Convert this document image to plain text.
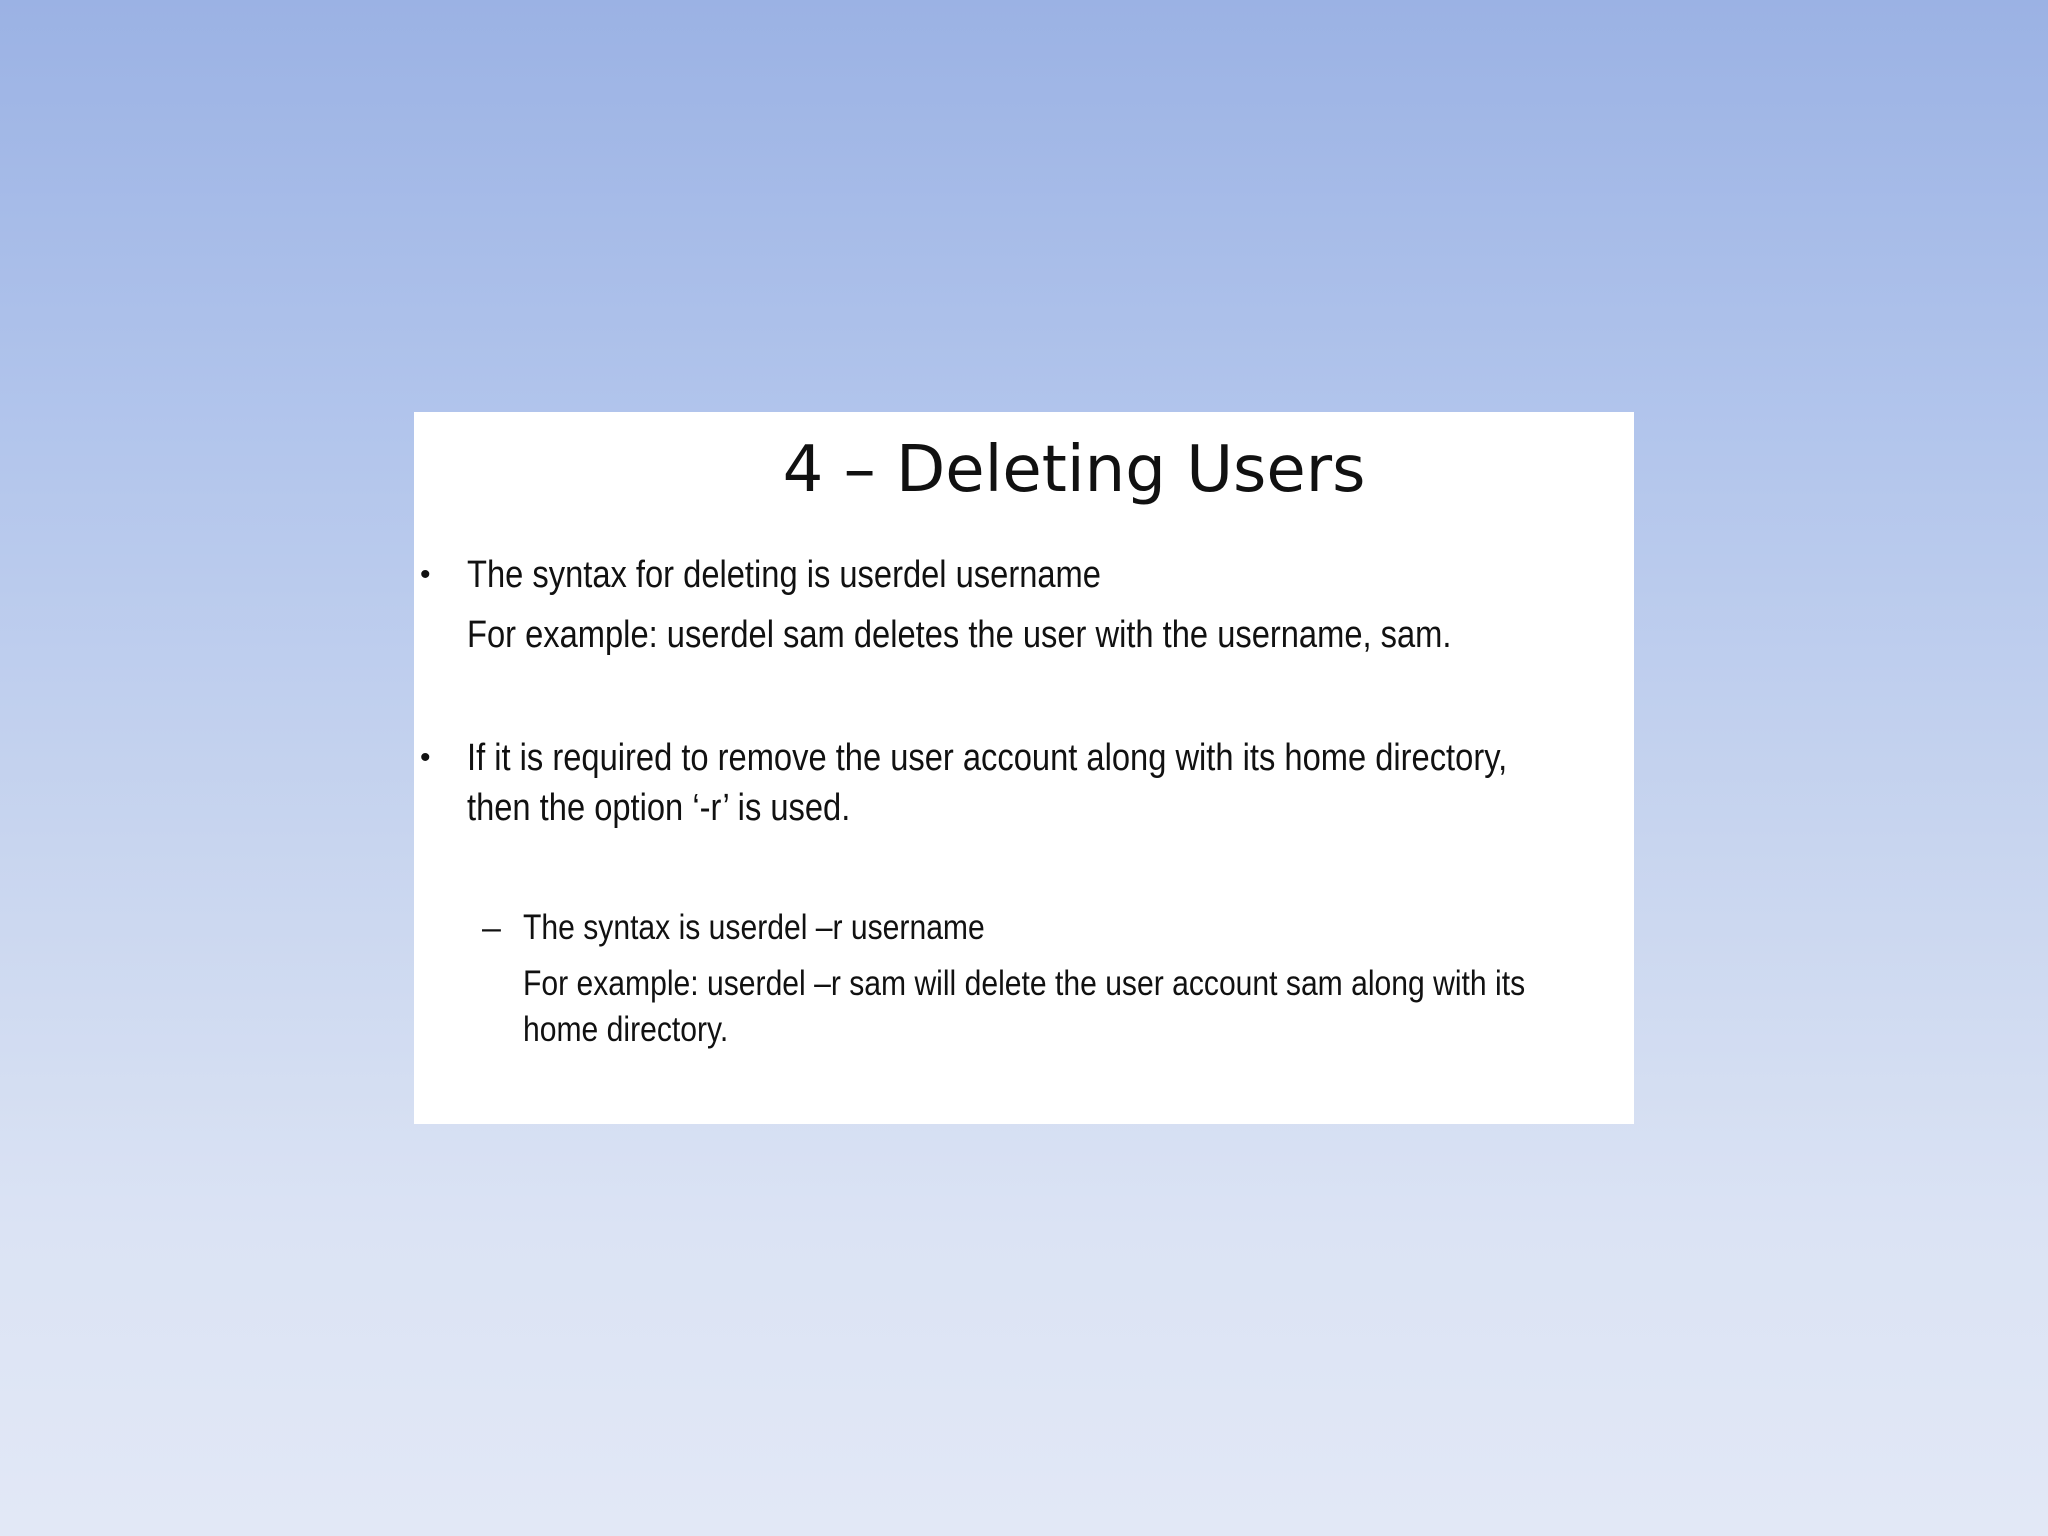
4 – Deleting Users
• The syntax for deleting is userdel username
For example: userdel sam deletes the user with the username, sam.
• If it is required to remove the user account along with its home directory,
then the option ‘-r’ is used.
– The syntax is userdel –r username
For example: userdel –r sam will delete the user account sam along with its
home directory.
